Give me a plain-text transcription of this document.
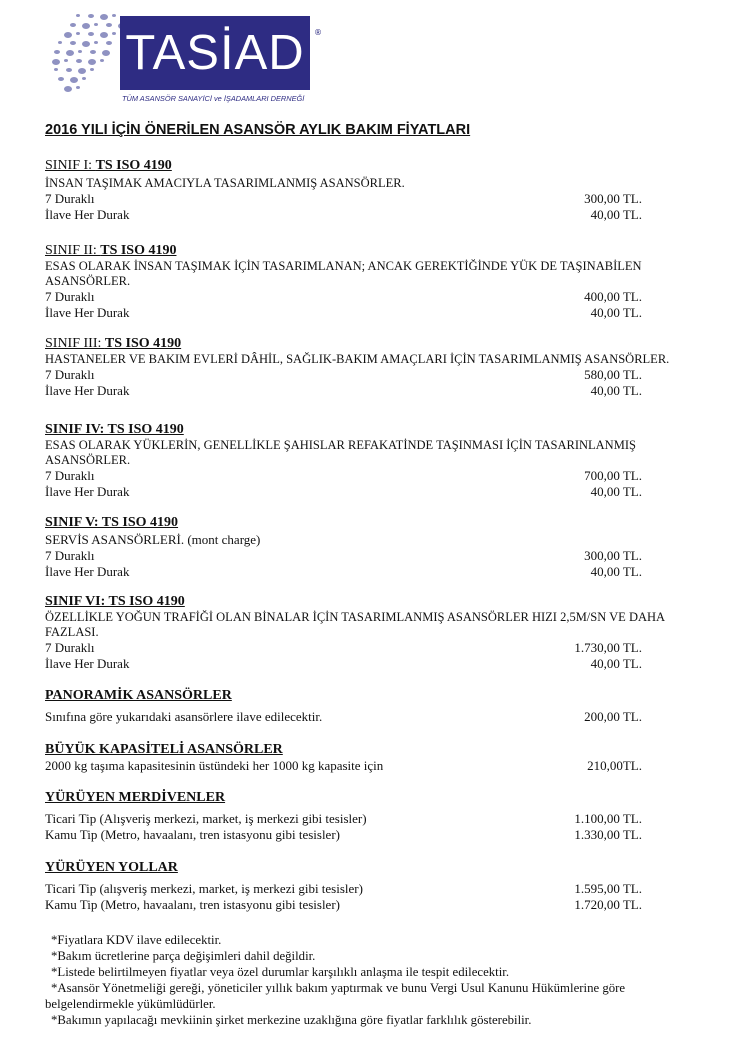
TASİAD	®
TÜM ASANSÖR SANAYİCİ ve İŞADAMLARI DERNEĞİ
2016 YILI İÇİN ÖNERİLEN ASANSÖR AYLIK BAKIM FİYATLARI
SINIF I: TS ISO 4190
İNSAN TAŞIMAK AMACIYLA TASARIMLANMIŞ ASANSÖRLER.
7 Duraklı	300,00 TL.
İlave Her Durak	40,00 TL.
SINIF II: TS ISO 4190
ESAS OLARAK İNSAN TAŞIMAK İÇİN TASARIMLANAN; ANCAK GEREKTİĞİNDE YÜK DE TAŞINABİLEN ASANSÖRLER.
7 Duraklı	400,00 TL.
İlave Her Durak	40,00 TL.
SINIF III: TS ISO 4190
HASTANELER VE BAKIM EVLERİ DÂHİL, SAĞLIK-BAKIM AMAÇLARI İÇİN TASARIMLANMIŞ ASANSÖRLER.
7 Duraklı	580,00 TL.
İlave Her Durak	40,00 TL.
SINIF IV: TS ISO 4190
ESAS OLARAK YÜKLERİN, GENELLİKLE ŞAHISLAR REFAKATİNDE TAŞINMASI İÇİN TASARINLANMIŞ ASANSÖRLER.
7 Duraklı	700,00 TL.
İlave Her Durak	40,00 TL.
SINIF V: TS ISO 4190
SERVİS ASANSÖRLERİ. (mont charge)
7 Duraklı	300,00 TL.
İlave Her Durak	40,00 TL.
SINIF VI: TS ISO 4190
ÖZELLİKLE YOĞUN TRAFİĞİ OLAN BİNALAR İÇİN TASARIMLANMIŞ ASANSÖRLER HIZI 2,5M/SN VE DAHA FAZLASI.
7 Duraklı	1.730,00 TL.
İlave Her Durak	40,00 TL.
PANORAMİK ASANSÖRLER
Sınıfına göre yukarıdaki asansörlere ilave edilecektir.	200,00 TL.
BÜYÜK KAPASİTELİ ASANSÖRLER
2000 kg taşıma kapasitesinin üstündeki her 1000 kg kapasite için	210,00TL.
YÜRÜYEN MERDİVENLER
Ticari Tip (Alışveriş merkezi, market, iş merkezi gibi tesisler)	1.100,00 TL.
Kamu Tip (Metro, havaalanı, tren istasyonu gibi tesisler)	1.330,00 TL.
YÜRÜYEN YOLLAR
Ticari Tip (alışveriş merkezi, market, iş merkezi gibi tesisler)	1.595,00 TL.
Kamu Tip (Metro, havaalanı, tren istasyonu gibi tesisler)	1.720,00 TL.
*Fiyatlara KDV ilave edilecektir.
*Bakım ücretlerine parça değişimleri dahil değildir.
*Listede belirtilmeyen fiyatlar veya özel durumlar karşılıklı anlaşma ile tespit edilecektir.
*Asansör Yönetmeliği gereği, yöneticiler yıllık bakım yaptırmak ve bunu Vergi Usul Kanunu Hükümlerine göre belgelendirmekle yükümlüdürler.
*Bakımın yapılacağı mevkiinin şirket merkezine uzaklığına göre fiyatlar farklılık gösterebilir.
